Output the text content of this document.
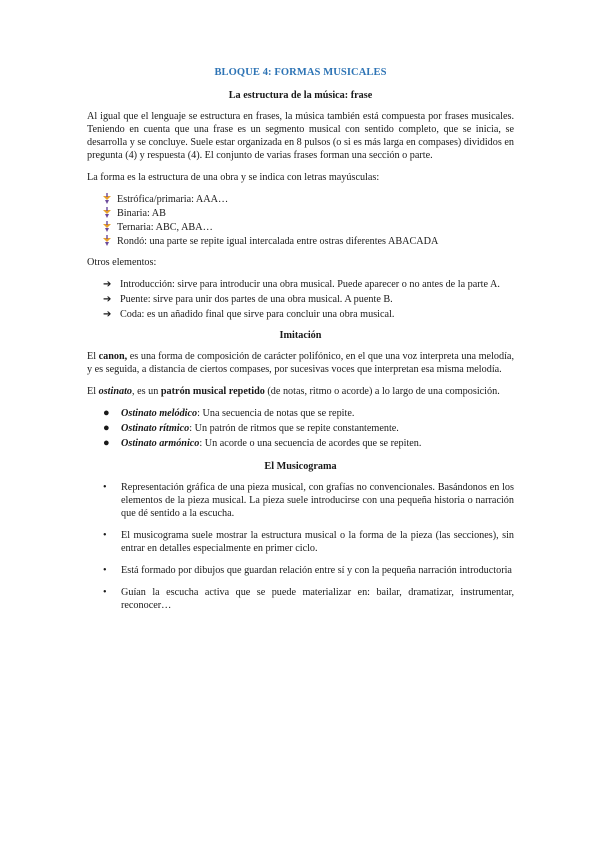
BLOQUE 4: FORMAS MUSICALES
La estructura de la música: frase

Al igual que el lenguaje se estructura en frases, la música también está compuesta por frases musicales. Teniendo en cuenta que una frase es un segmento musical con sentido completo, que se inicia, se desarrolla y se concluye. Suele estar organizada en 8 pulsos (o si es más larga en compases) divididos en pregunta (4) y respuesta (4). El conjunto de varias frases forman una sección o parte.

La forma es la estructura de una obra y se indica con letras mayúsculas:

Estrófica/primaria: AAA…
Binaria: AB
Ternaria: ABC, ABA…
Rondó: una parte se repite igual intercalada entre ostras diferentes ABACADA

Otros elementos:

➔ Introducción: sirve para introducir una obra musical. Puede aparecer o no antes de la parte A.
➔ Puente: sirve para unir dos partes de una obra musical. A puente B.
➔ Coda: es un añadido final que sirve para concluir una obra musical.
Imitación

El canon, es una forma de composición de carácter polifónico, en el que una voz interpreta una melodía, y es seguida, a distancia de ciertos compases, por sucesivas voces que interpretan esa misma melodía.

El ostinato, es un patrón musical repetido (de notas, ritmo o acorde) a lo largo de una composición.

● Ostinato melódico: Una secuencia de notas que se repite.
● Ostinato rítmico: Un patrón de ritmos que se repite constantemente.
● Ostinato armónico: Un acorde o una secuencia de acordes que se repiten.
El Musicograma
• Representación gráfica de una pieza musical, con grafías no convencionales. Basándonos en los elementos de la pieza musical. La pieza suele introducirse con una pequeña historia o narración que dé sentido a la escucha.
• El musicograma suele mostrar la estructura musical o la forma de la pieza (las secciones), sin entrar en detalles especialmente en primer ciclo.
• Está formado por dibujos que guardan relación entre sí y con la pequeña narración introductoria
• Guían la escucha activa que se puede materializar en: bailar, dramatizar, instrumentar, reconocer…
